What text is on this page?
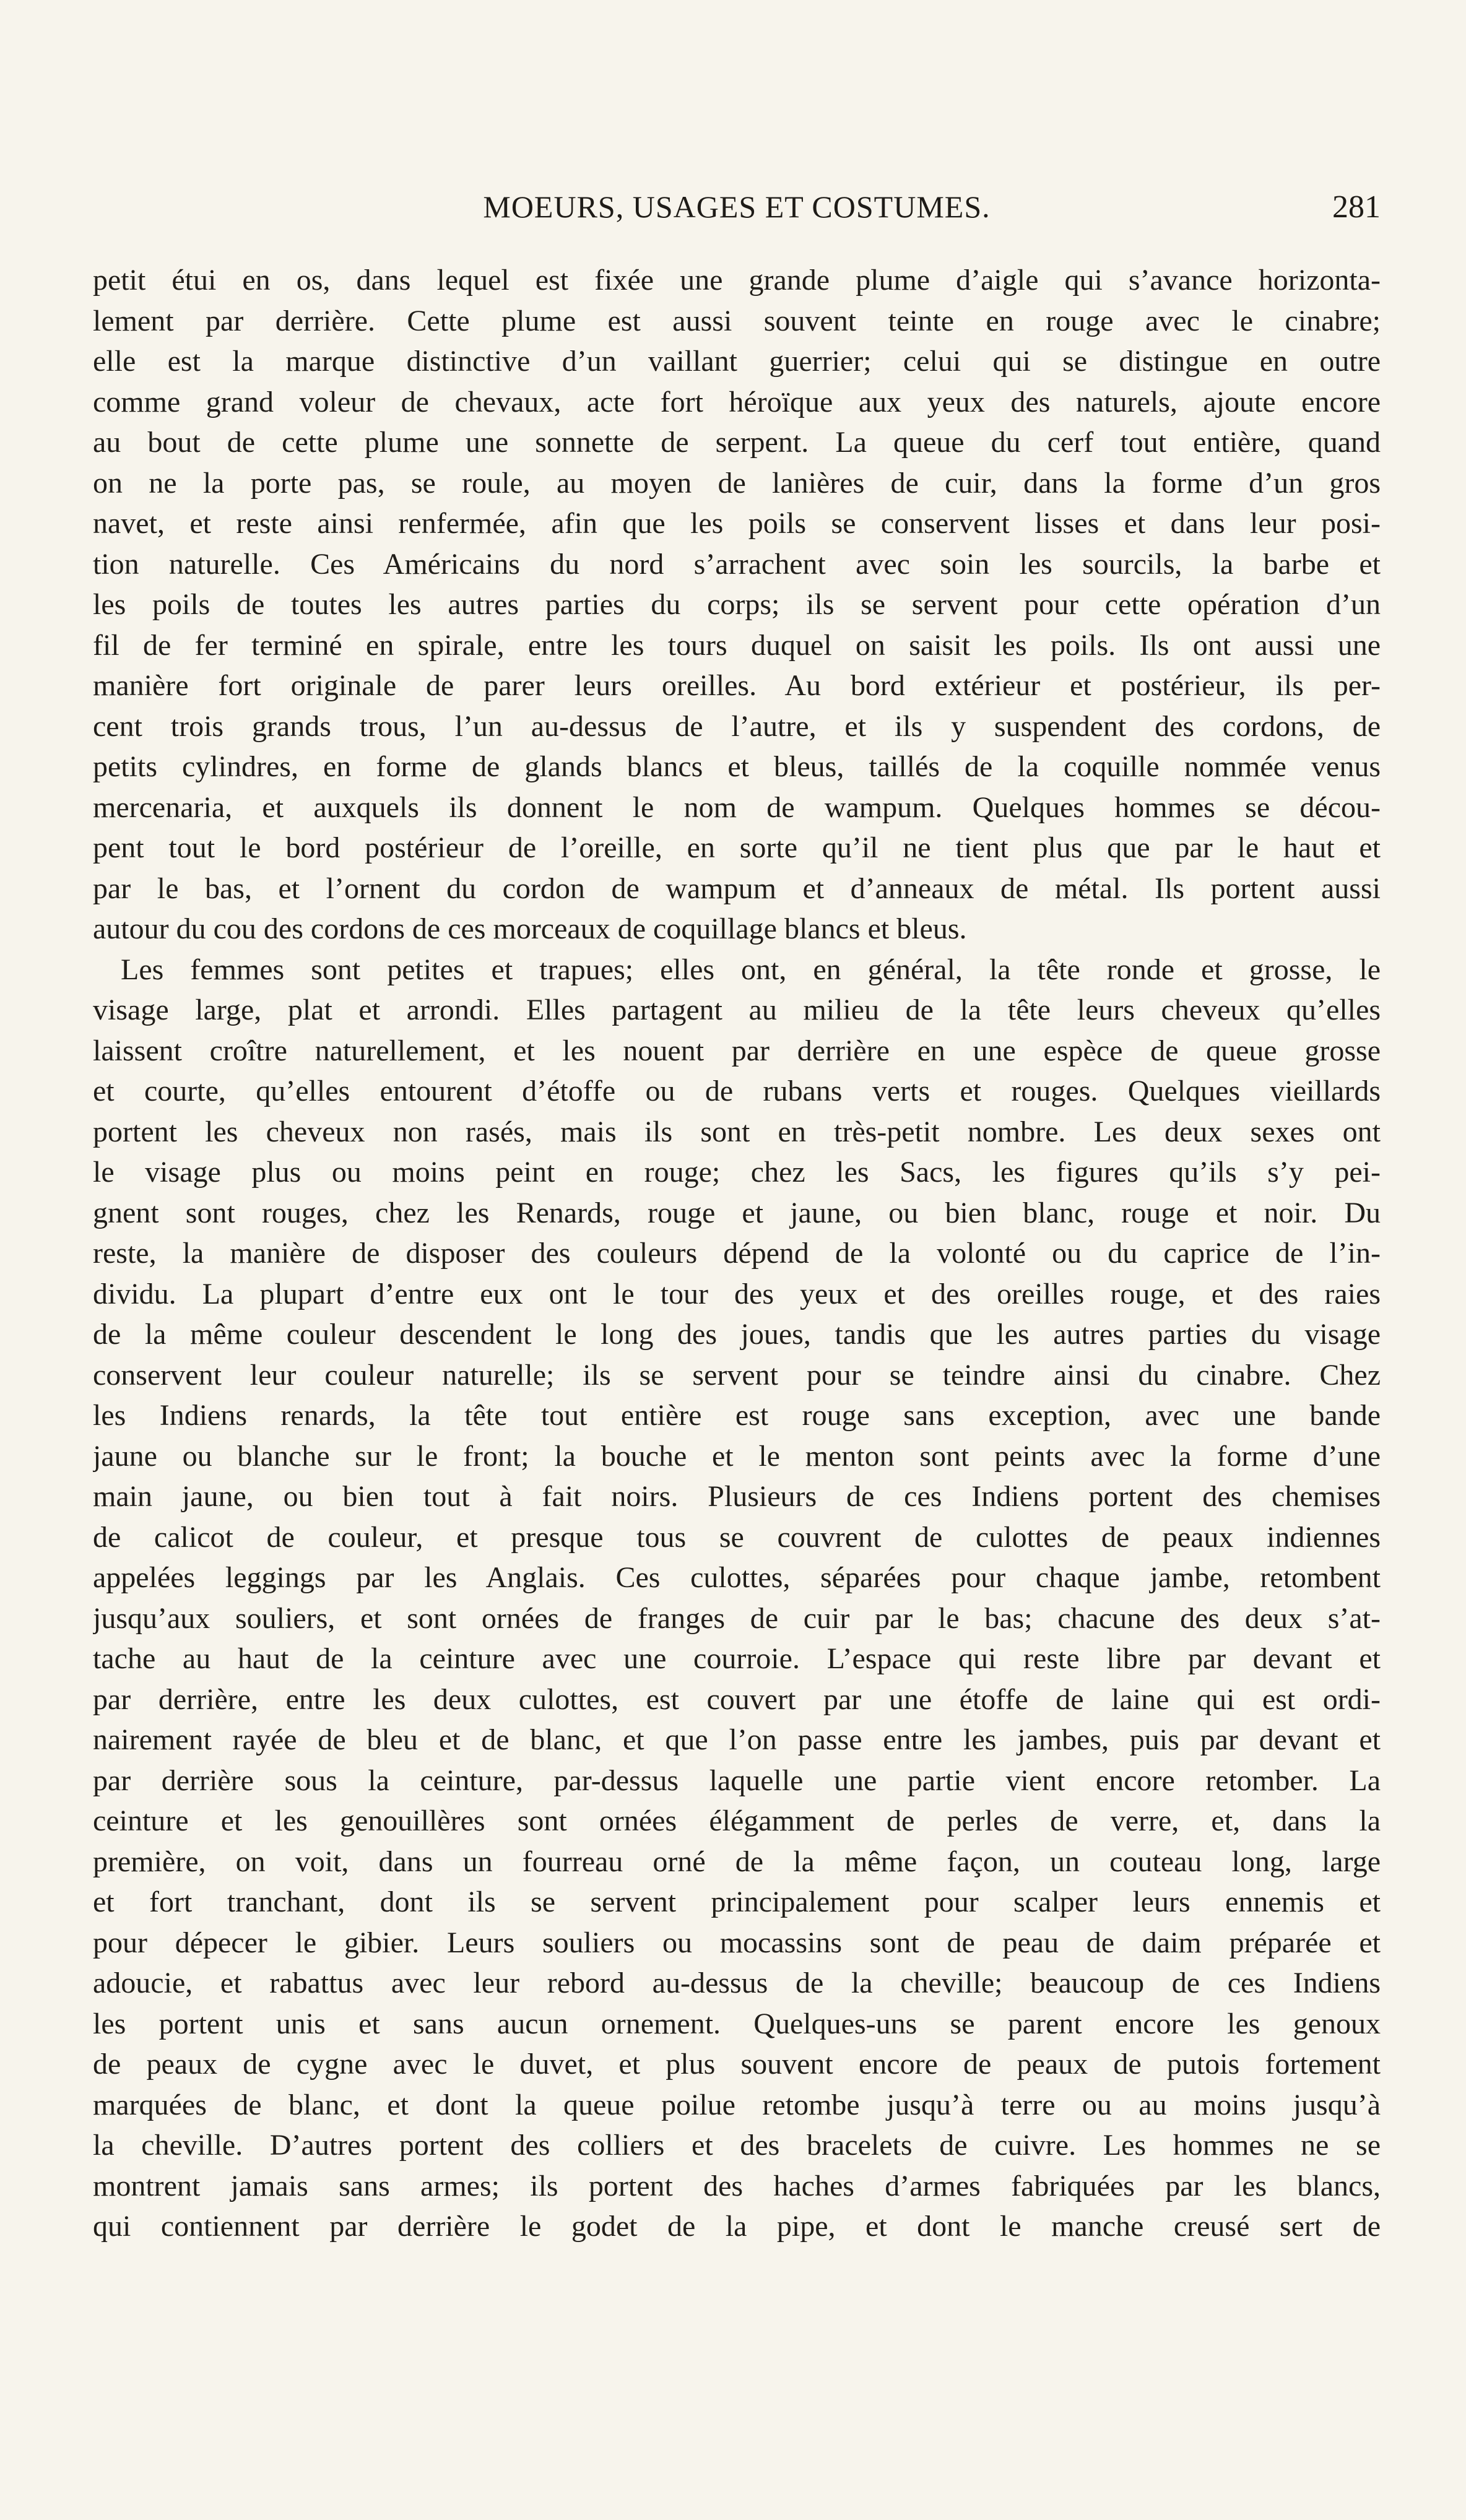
MOEURS, USAGES ET COSTUMES.	281

petit étui en os, dans lequel est fixée une grande plume d’aigle qui s’avance horizonta-
lement par derrière. Cette plume est aussi souvent teinte en rouge avec le cinabre;
elle est la marque distinctive d’un vaillant guerrier; celui qui se distingue en outre
comme grand voleur de chevaux, acte fort héroïque aux yeux des naturels, ajoute encore
au bout de cette plume une sonnette de serpent. La queue du cerf tout entière, quand
on ne la porte pas, se roule, au moyen de lanières de cuir, dans la forme d’un gros
navet, et reste ainsi renfermée, afin que les poils se conservent lisses et dans leur posi-
tion naturelle. Ces Américains du nord s’arrachent avec soin les sourcils, la barbe et
les poils de toutes les autres parties du corps; ils se servent pour cette opération d’un
fil de fer terminé en spirale, entre les tours duquel on saisit les poils. Ils ont aussi une
manière fort originale de parer leurs oreilles. Au bord extérieur et postérieur, ils per-
cent trois grands trous, l’un au-dessus de l’autre, et ils y suspendent des cordons, de
petits cylindres, en forme de glands blancs et bleus, taillés de la coquille nommée venus
mercenaria, et auxquels ils donnent le nom de wampum. Quelques hommes se décou-
pent tout le bord postérieur de l’oreille, en sorte qu’il ne tient plus que par le haut et
par le bas, et l’ornent du cordon de wampum et d’anneaux de métal. Ils portent aussi
autour du cou des cordons de ces morceaux de coquillage blancs et bleus.

Les femmes sont petites et trapues; elles ont, en général, la tête ronde et grosse, le
visage large, plat et arrondi. Elles partagent au milieu de la tête leurs cheveux qu’elles
laissent croître naturellement, et les nouent par derrière en une espèce de queue grosse
et courte, qu’elles entourent d’étoffe ou de rubans verts et rouges. Quelques vieillards
portent les cheveux non rasés, mais ils sont en très-petit nombre. Les deux sexes ont
le visage plus ou moins peint en rouge; chez les Sacs, les figures qu’ils s’y pei-
gnent sont rouges, chez les Renards, rouge et jaune, ou bien blanc, rouge et noir. Du
reste, la manière de disposer des couleurs dépend de la volonté ou du caprice de l’in-
dividu. La plupart d’entre eux ont le tour des yeux et des oreilles rouge, et des raies
de la même couleur descendent le long des joues, tandis que les autres parties du visage
conservent leur couleur naturelle; ils se servent pour se teindre ainsi du cinabre. Chez
les Indiens renards, la tête tout entière est rouge sans exception, avec une bande
jaune ou blanche sur le front; la bouche et le menton sont peints avec la forme d’une
main jaune, ou bien tout à fait noirs. Plusieurs de ces Indiens portent des chemises
de calicot de couleur, et presque tous se couvrent de culottes de peaux indiennes
appelées leggings par les Anglais. Ces culottes, séparées pour chaque jambe, retombent
jusqu’aux souliers, et sont ornées de franges de cuir par le bas; chacune des deux s’at-
tache au haut de la ceinture avec une courroie. L’espace qui reste libre par devant et
par derrière, entre les deux culottes, est couvert par une étoffe de laine qui est ordi-
nairement rayée de bleu et de blanc, et que l’on passe entre les jambes, puis par devant et
par derrière sous la ceinture, par-dessus laquelle une partie vient encore retomber. La
ceinture et les genouillères sont ornées élégamment de perles de verre, et, dans la
première, on voit, dans un fourreau orné de la même façon, un couteau long, large
et fort tranchant, dont ils se servent principalement pour scalper leurs ennemis et
pour dépecer le gibier. Leurs souliers ou mocassins sont de peau de daim préparée et
adoucie, et rabattus avec leur rebord au-dessus de la cheville; beaucoup de ces Indiens
les portent unis et sans aucun ornement. Quelques-uns se parent encore les genoux
de peaux de cygne avec le duvet, et plus souvent encore de peaux de putois fortement
marquées de blanc, et dont la queue poilue retombe jusqu’à terre ou au moins jusqu’à
la cheville. D’autres portent des colliers et des bracelets de cuivre. Les hommes ne se
montrent jamais sans armes; ils portent des haches d’armes fabriquées par les blancs,
qui contiennent par derrière le godet de la pipe, et dont le manche creusé sert de
